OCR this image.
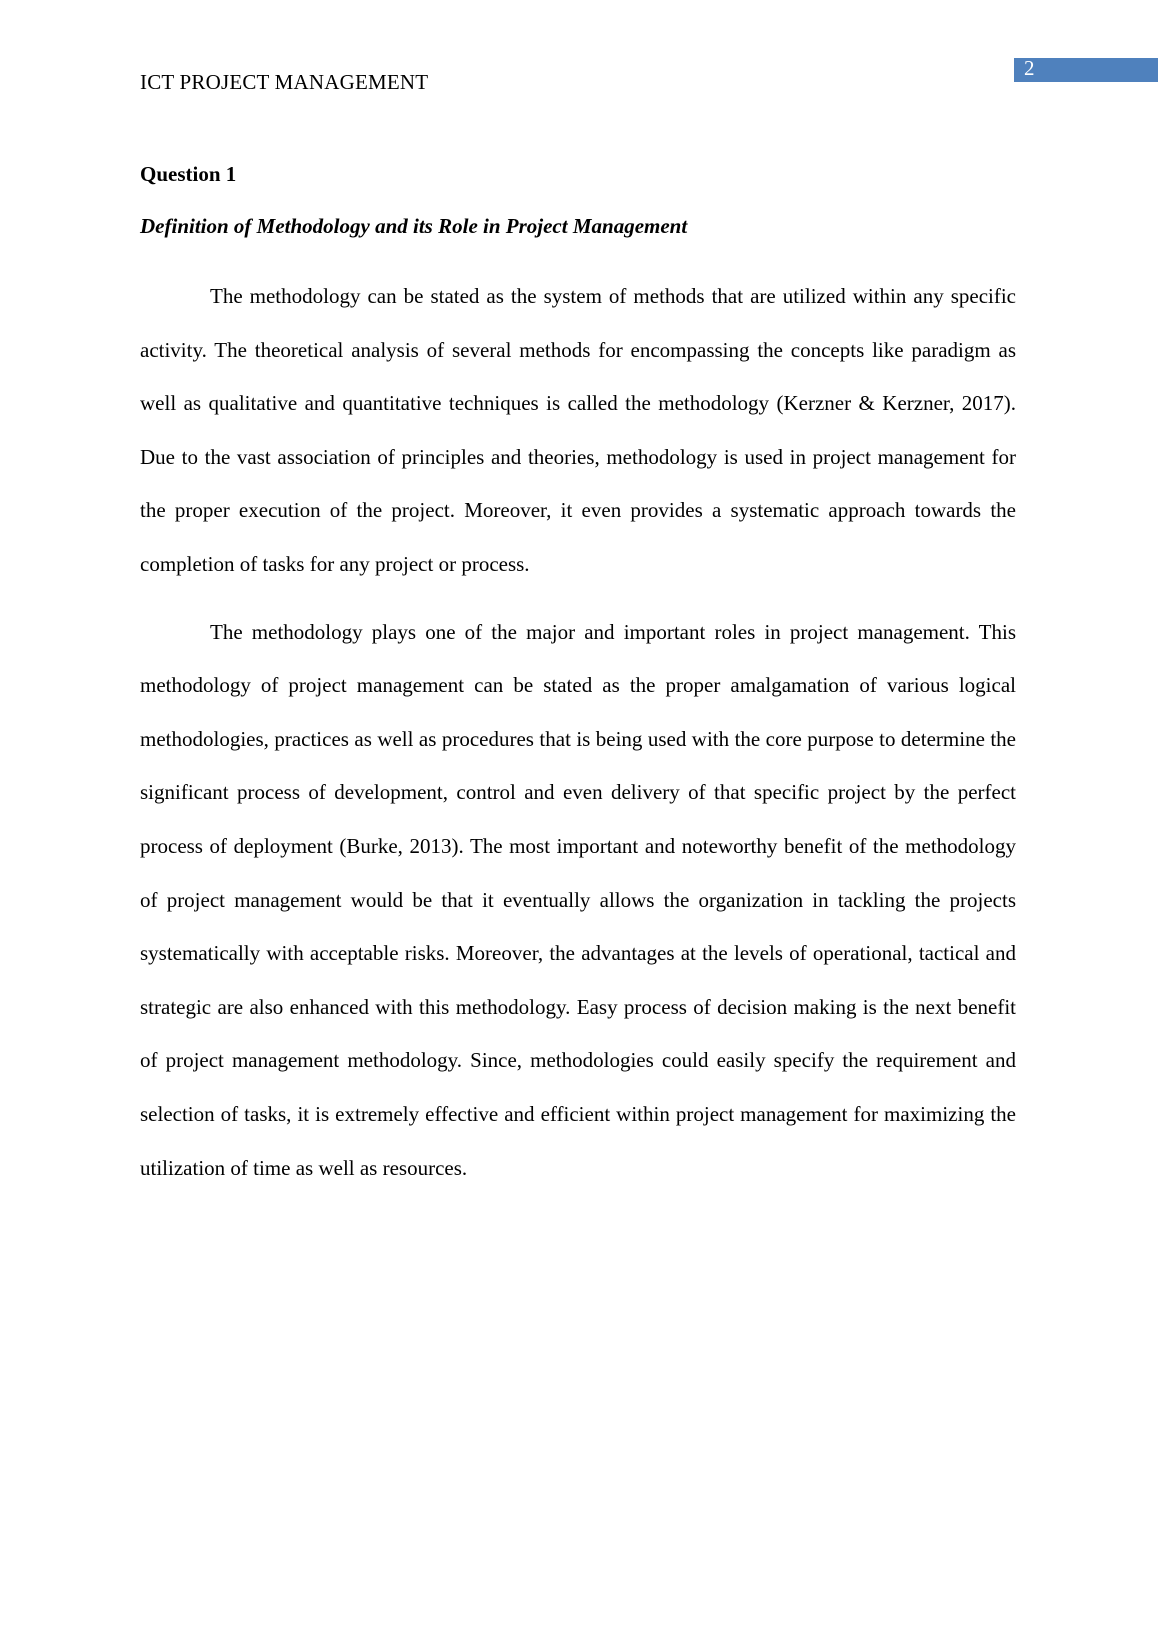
2
ICT PROJECT MANAGEMENT
Question 1
Definition of Methodology and its Role in Project Management

The methodology can be stated as the system of methods that are utilized within any specific activity. The theoretical analysis of several methods for encompassing the concepts like paradigm as well as qualitative and quantitative techniques is called the methodology (Kerzner & Kerzner, 2017). Due to the vast association of principles and theories, methodology is used in project management for the proper execution of the project. Moreover, it even provides a systematic approach towards the completion of tasks for any project or process.

The methodology plays one of the major and important roles in project management. This methodology of project management can be stated as the proper amalgamation of various logical methodologies, practices as well as procedures that is being used with the core purpose to determine the significant process of development, control and even delivery of that specific project by the perfect process of deployment (Burke, 2013). The most important and noteworthy benefit of the methodology of project management would be that it eventually allows the organization in tackling the projects systematically with acceptable risks. Moreover, the advantages at the levels of operational, tactical and strategic are also enhanced with this methodology. Easy process of decision making is the next benefit of project management methodology. Since, methodologies could easily specify the requirement and selection of tasks, it is extremely effective and efficient within project management for maximizing the utilization of time as well as resources.
